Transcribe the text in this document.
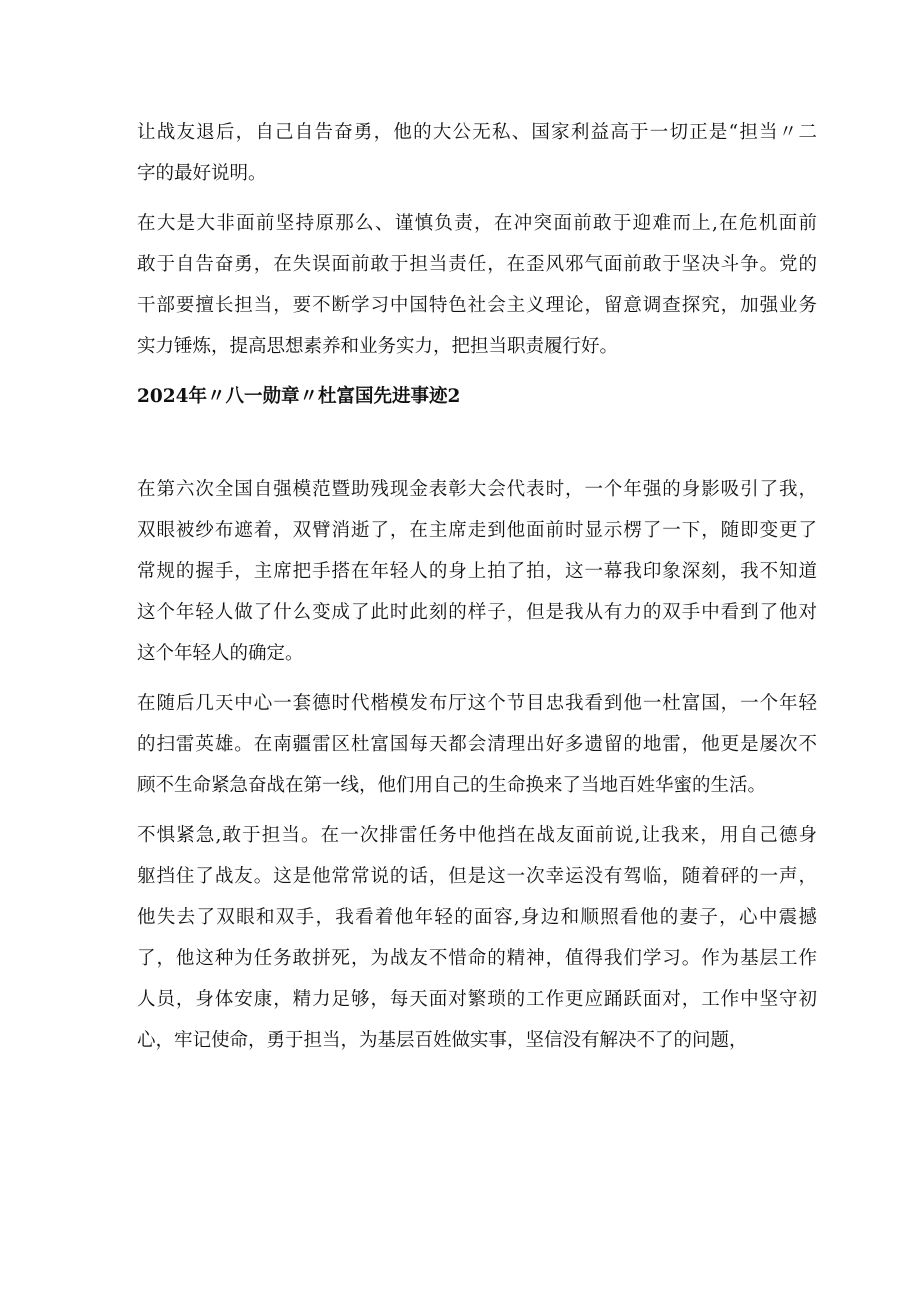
让战友退后，自己自告奋勇，他的大公无私、国家利益高于一切正是“担当〃二
字的最好说明。
在大是大非面前坚持原那么、谨慎负责，在冲突面前敢于迎难而上,在危机面前
敢于自告奋勇，在失误面前敢于担当责任，在歪风邪气面前敢于坚决斗争。党的
干部要擅长担当，要不断学习中国特色社会主义理论，留意调查探究，加强业务
实力锤炼，提高思想素养和业务实力，把担当职责履行好。
2024年〃八一勋章〃杜富国先进事迹2
在第六次全国自强模范暨助残现金表彰大会代表时，一个年强的身影吸引了我，
双眼被纱布遮着，双臂消逝了，在主席走到他面前时显示楞了一下，随即变更了
常规的握手，主席把手搭在年轻人的身上拍了拍，这一幕我印象深刻，我不知道
这个年轻人做了什么变成了此时此刻的样子，但是我从有力的双手中看到了他对
这个年轻人的确定。
在随后几天中心一套德时代楷模发布厅这个节目忠我看到他一杜富国，一个年轻
的扫雷英雄。在南疆雷区杜富国每天都会清理出好多遗留的地雷，他更是屡次不
顾不生命紧急奋战在第一线，他们用自己的生命换来了当地百姓华蜜的生活。
不惧紧急,敢于担当。在一次排雷任务中他挡在战友面前说,让我来，用自己德身
躯挡住了战友。这是他常常说的话，但是这一次幸运没有驾临，随着砰的一声，
他失去了双眼和双手，我看着他年轻的面容,身边和顺照看他的妻子，心中震撼
了，他这种为任务敢拼死，为战友不惜命的精神，值得我们学习。作为基层工作
人员，身体安康，精力足够，每天面对繁琐的工作更应踊跃面对，工作中坚守初
心，牢记使命，勇于担当，为基层百姓做实事，坚信没有解决不了的问题，
